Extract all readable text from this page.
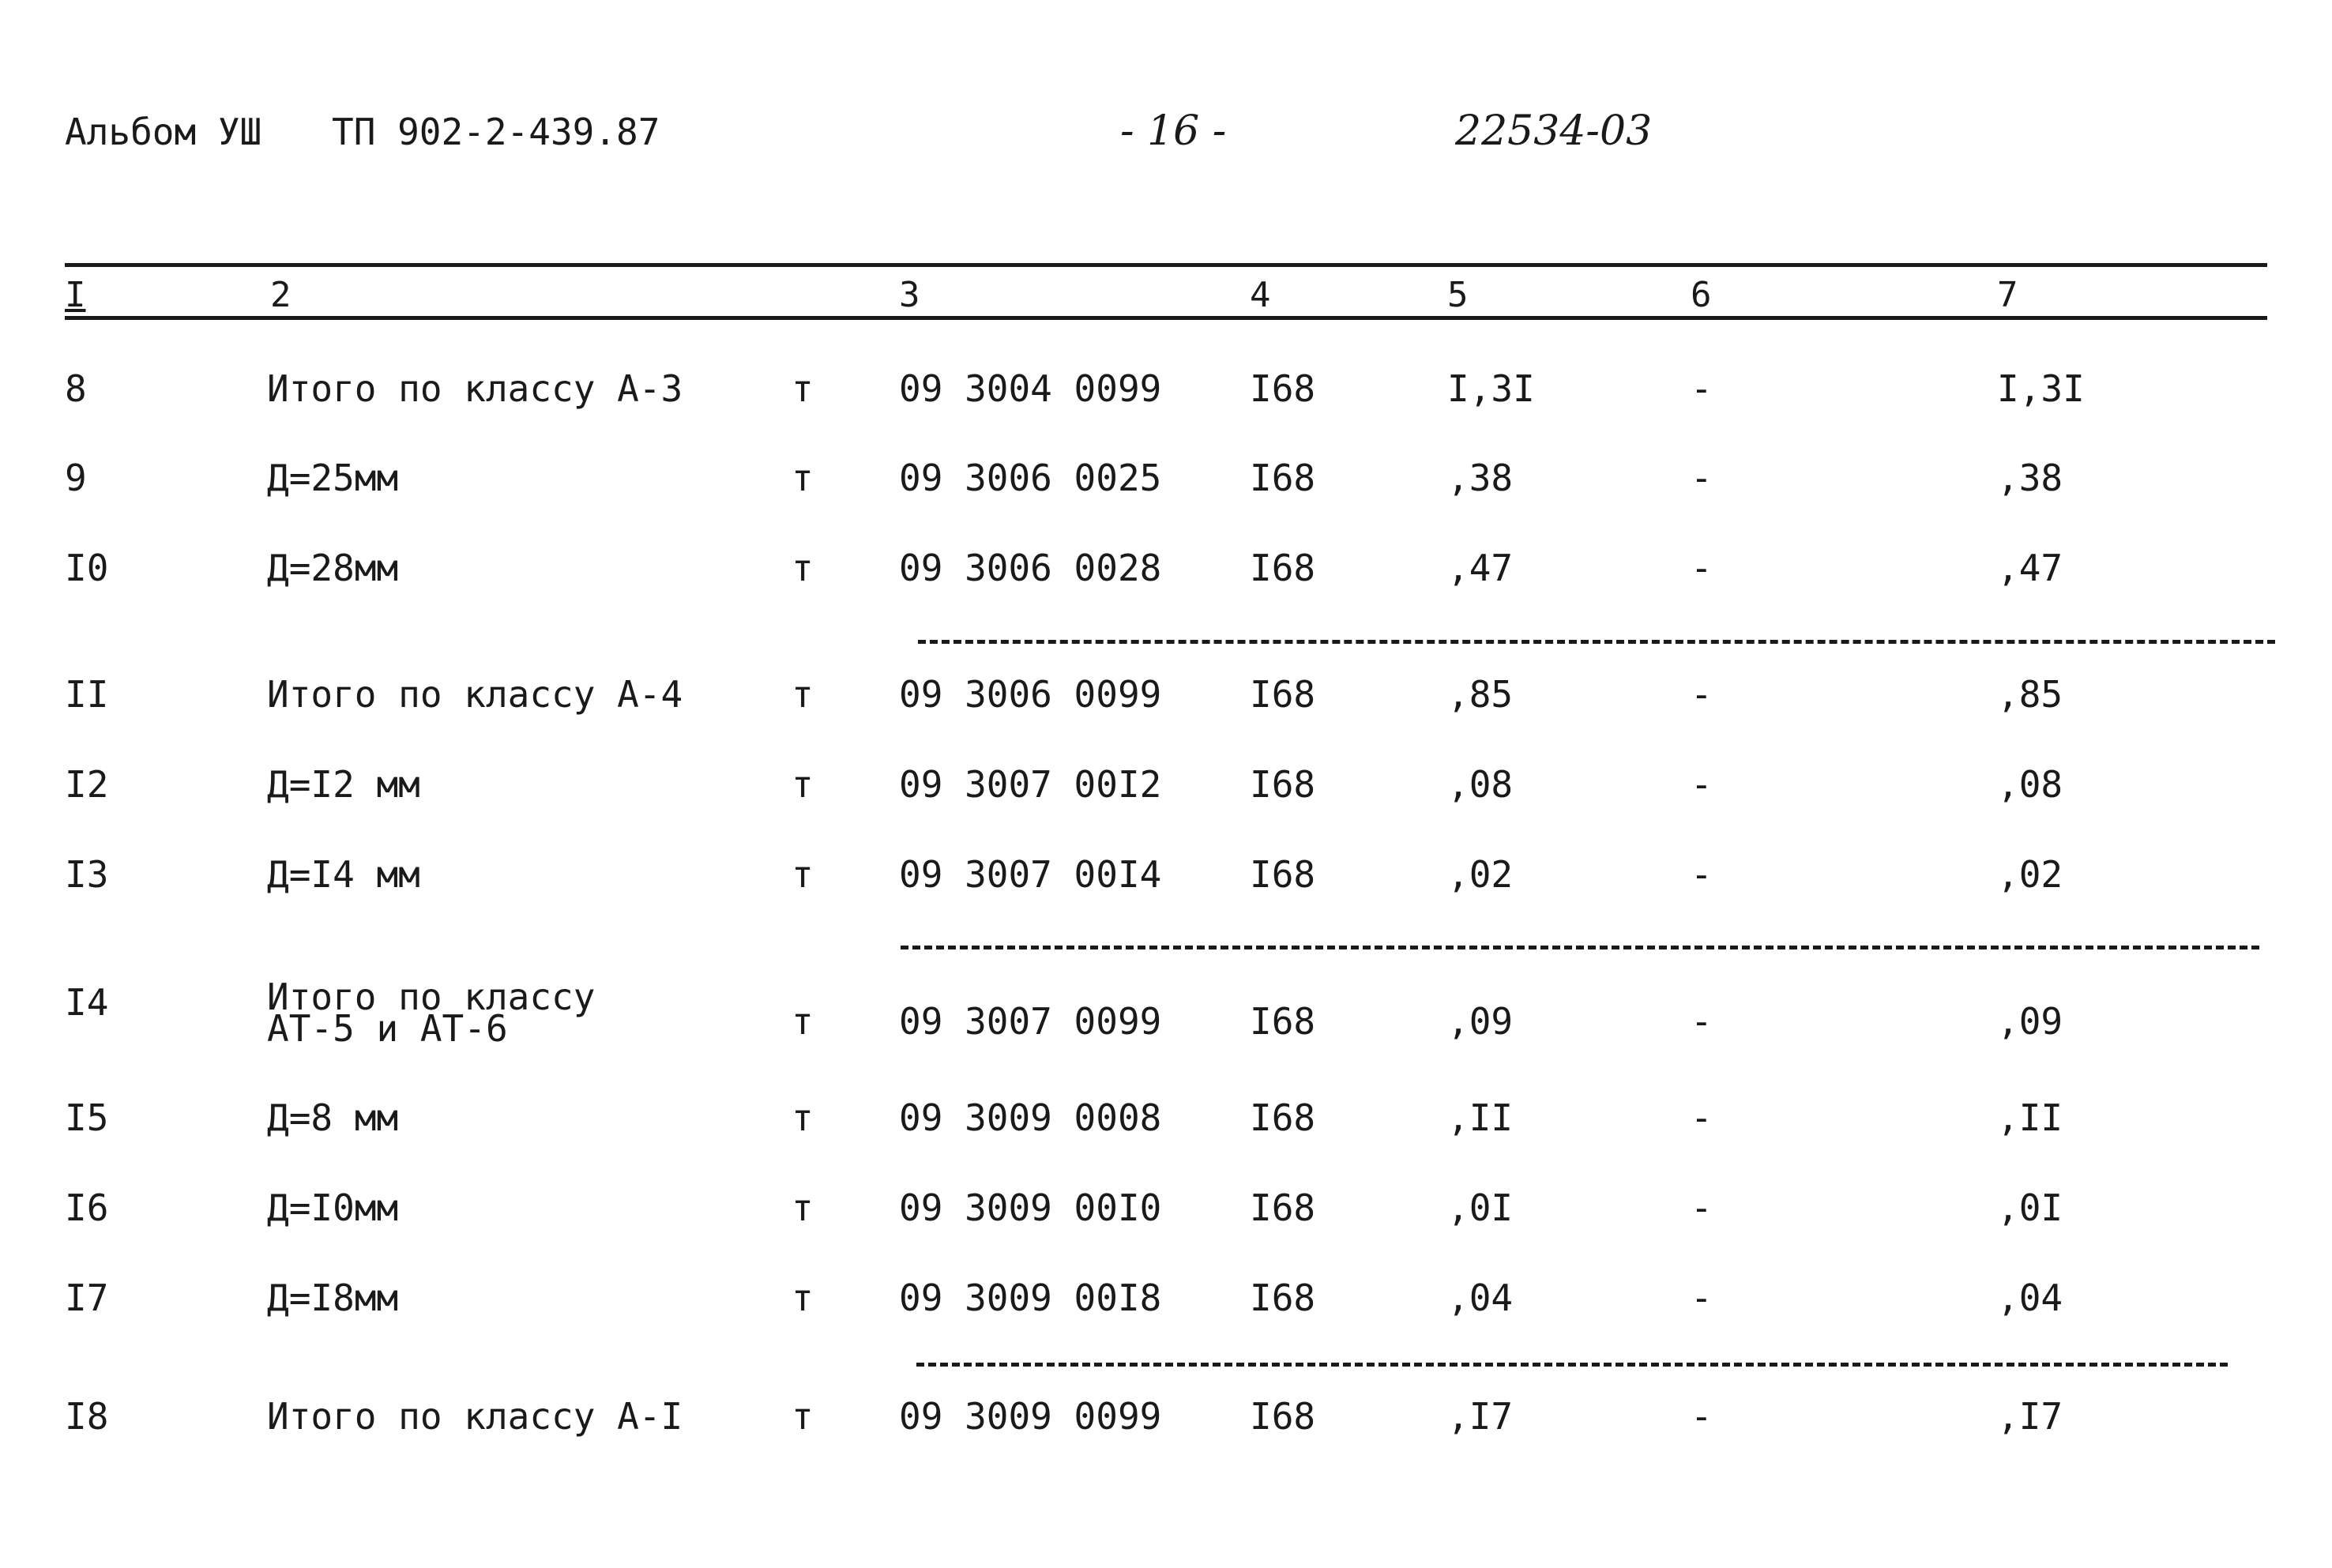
Альбом УШ ТП 902-2-439.87	- 16 -	22534-03
I	2	3	4	5	6	7
8	Итого по классу А-3	т 09 3004 0099 I68	I,3I	-	I,3I
9	Д=25мм	т 09 3006 0025 I68	,38	-	,38
I0	Д=28мм	т 09 3006 0028 I68	,47	-	,47
II	Итого по классу А-4	т 09 3006 0099 I68	,85	-	,85
I2	Д=I2 мм	т 09 3007 00I2 I68	,08	-	,08
I3	Д=I4 мм	т 09 3007 00I4 I68	,02	-	,02
I4	Итого по классу
АТ-5 и АТ-6	т 09 3007 0099 I68	,09	-	,09
I5	Д=8 мм	т 09 3009 0008 I68	,II	-	,II
I6	Д=I0мм	т 09 3009 00I0 I68	,0I	-	,0I
I7	Д=I8мм	т 09 3009 00I8 I68	,04	-	,04
I8	Итого по классу А-I	т 09 3009 0099 I68	,I7	-	,I7
